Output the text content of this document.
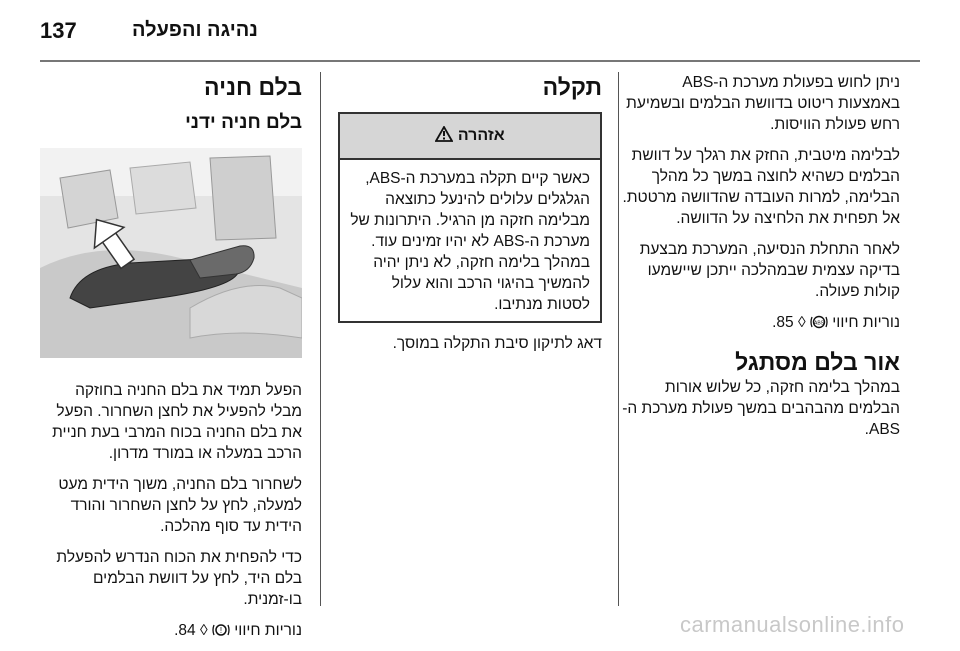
137	נהיגה והפעלה
בלם חניה
בלם חניה ידני

הפעל תמיד את בלם החניה בחוזקה מבלי להפעיל את לחצן השחרור. הפעל את בלם החניה בכוח המרבי בעת חניית הרכב במעלה או במורד מדרון.

לשחרור בלם החניה, משוך הידית מעט למעלה, לחץ על לחצן השחרור והורד הידית עד סוף מהלכה.

כדי להפחית את הכוח הנדרש להפעלת בלם היד, לחץ על דוושת הבלמים בו-זמנית.

נוריות חיווי
!
◊ 84.

תקלה
אזהרה
כאשר קיים תקלה במערכת ה-ABS, הגלגלים עלולים להינעל כתוצאה מבלימה חזקה מן הרגיל. היתרונות של מערכת ה-ABS לא יהיו זמינים עוד. במהלך בלימה חזקה, לא ניתן יהיה להמשיך בהיגוי הרכב והוא עלול לסטות מנתיבו.

דאג לתיקון סיבת התקלה במוסך.

ניתן לחוש בפעולת מערכת ה-ABS באמצעות ריטוט בדוושת הבלמים ובשמיעת רחש פעולת הוויסות.

לבלימה מיטבית, החזק את רגלך על דוושת הבלמים כשהיא לחוצה במשך כל מהלך הבלימה, למרות העובדה שהדוושה מרטטת. אל תפחית את הלחיצה על הדוושה.

לאחר התחלת הנסיעה, המערכת מבצעת בדיקה עצמית שבמהלכה ייתכן שיישמעו קולות פעולה.

נוריות חיווי
ABS
◊ 85.

אור בלם מסתגל

במהלך בלימה חזקה, כל שלוש אורות הבלמים מהבהבים במשך פעולת מערכת ה-ABS.

carmanualsonline.info
